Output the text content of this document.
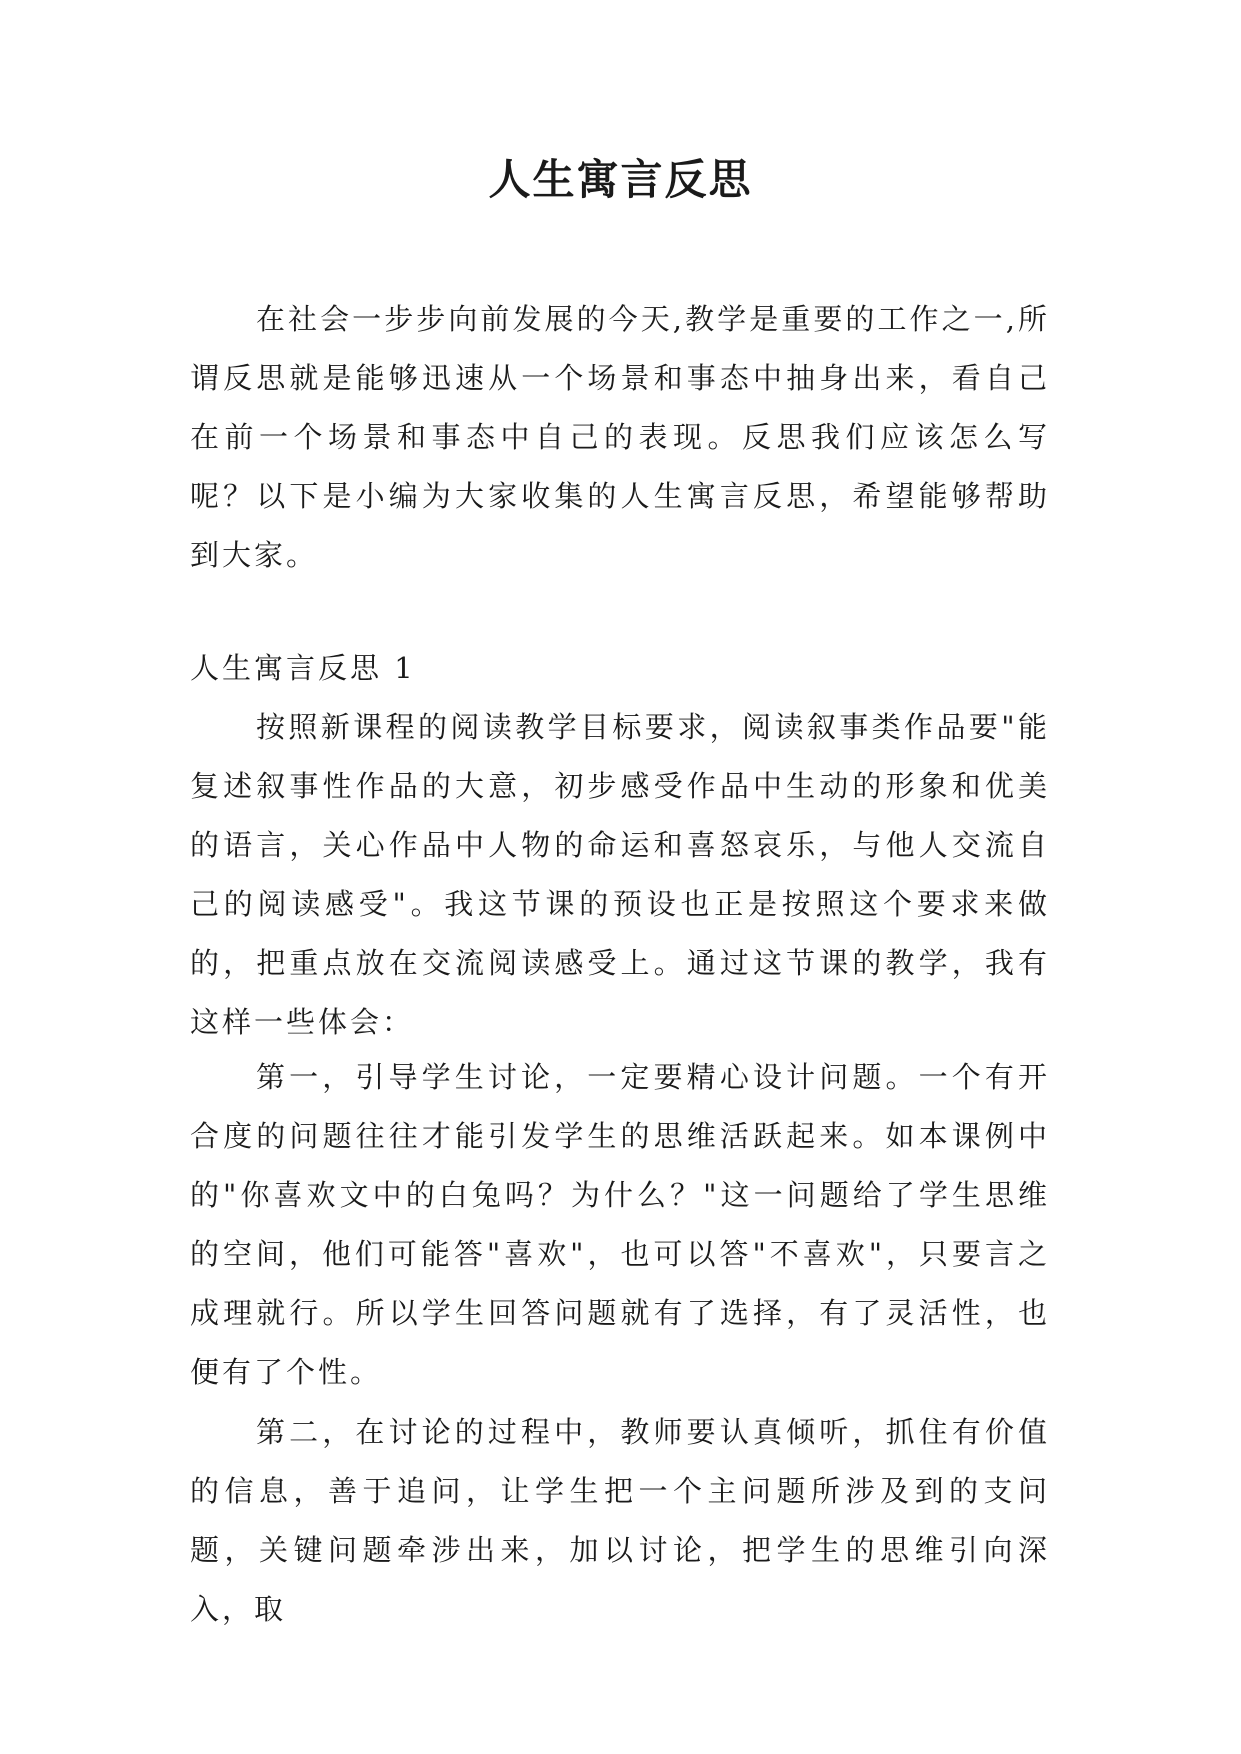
人生寓言反思

在社会一步步向前发展的今天,教学是重要的工作之一,所谓反思就是能够迅速从一个场景和事态中抽身出来，看自己在前一个场景和事态中自己的表现。反思我们应该怎么写呢？以下是小编为大家收集的人生寓言反思，希望能够帮助到大家。

人生寓言反思 1

按照新课程的阅读教学目标要求，阅读叙事类作品要"能复述叙事性作品的大意，初步感受作品中生动的形象和优美的语言，关心作品中人物的命运和喜怒哀乐，与他人交流自己的阅读感受"。我这节课的预设也正是按照这个要求来做的，把重点放在交流阅读感受上。通过这节课的教学，我有这样一些体会：

第一，引导学生讨论，一定要精心设计问题。一个有开合度的问题往往才能引发学生的思维活跃起来。如本课例中的"你喜欢文中的白兔吗？为什么？"这一问题给了学生思维的空间，他们可能答"喜欢"，也可以答"不喜欢"，只要言之成理就行。所以学生回答问题就有了选择，有了灵活性，也便有了个性。

第二，在讨论的过程中，教师要认真倾听，抓住有价值的信息，善于追问，让学生把一个主问题所涉及到的支问题，关键问题牵涉出来，加以讨论，把学生的思维引向深入，取
